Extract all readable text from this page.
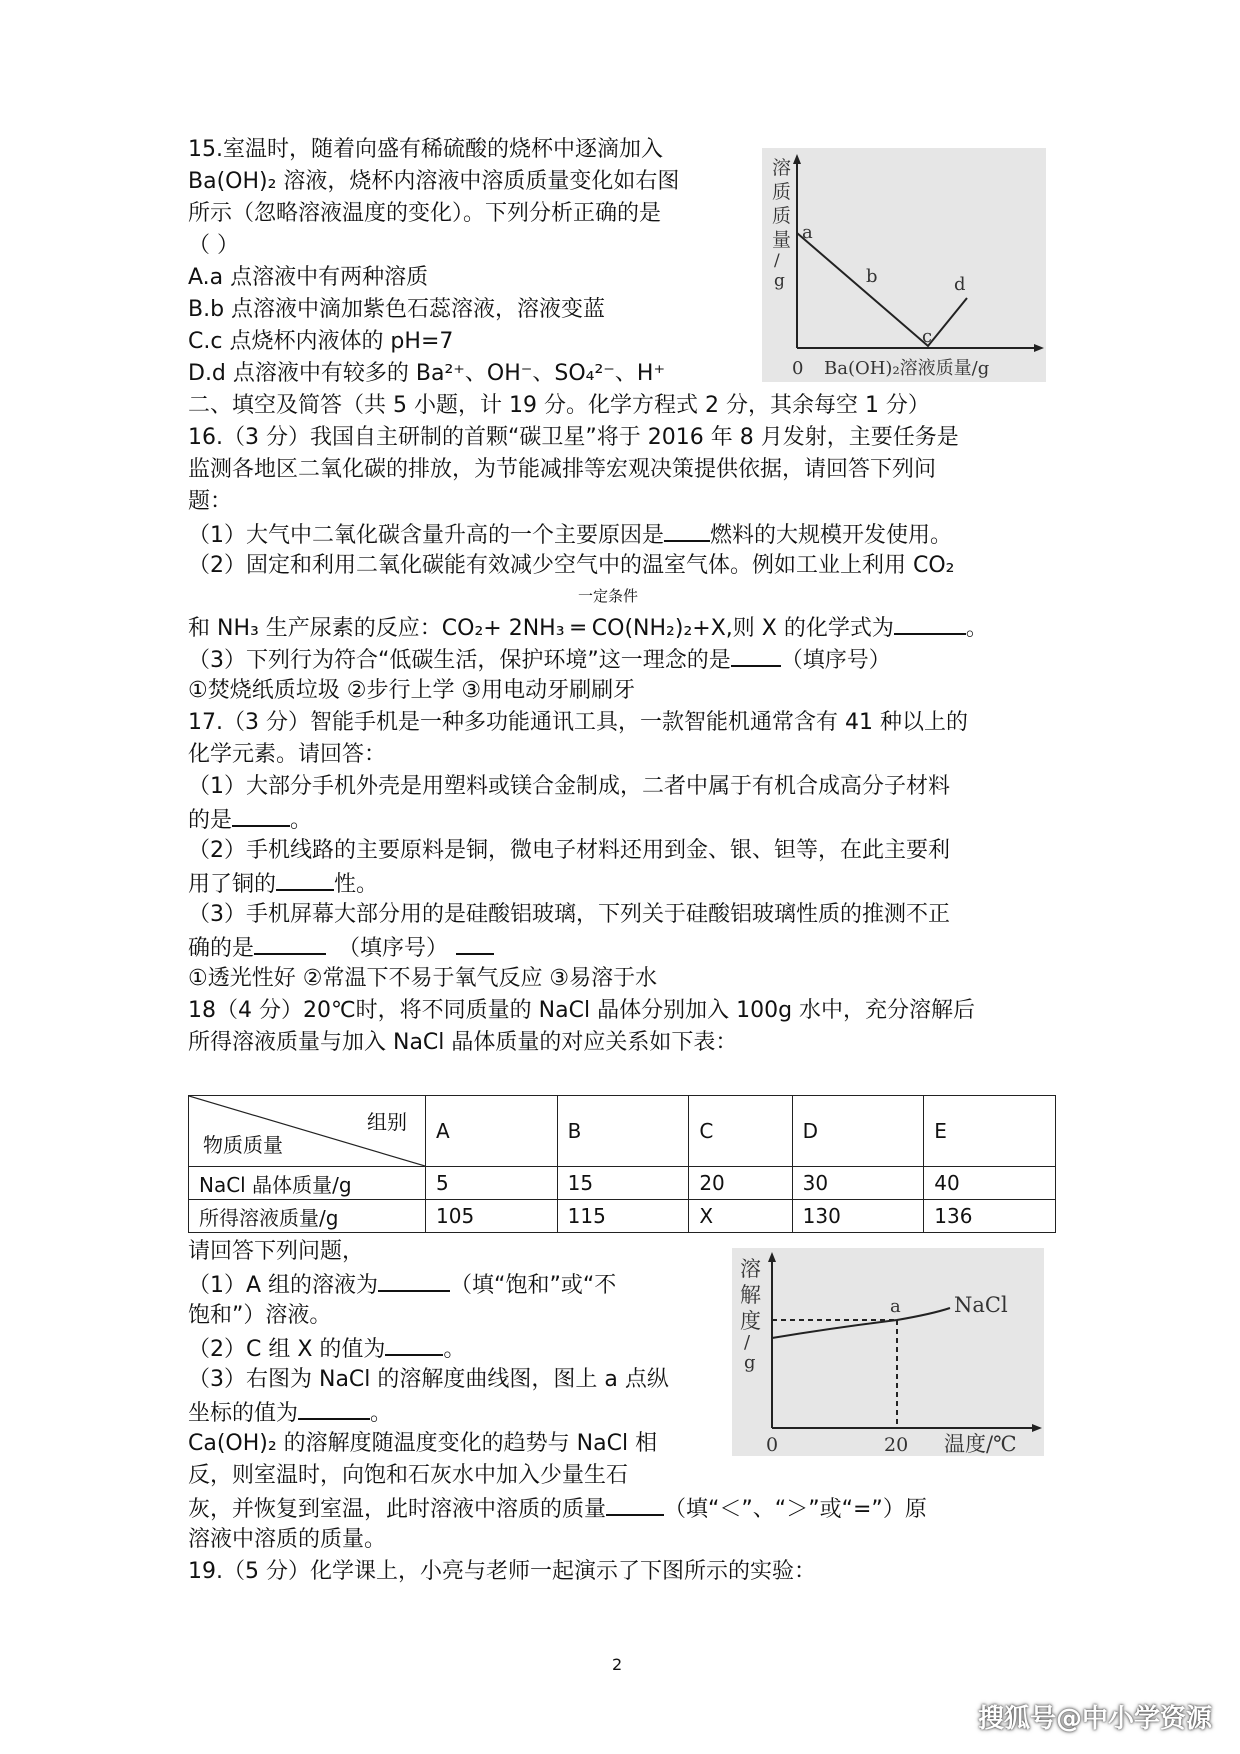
15.室温时，随着向盛有稀硫酸的烧杯中逐滴加入
Ba(OH)₂ 溶液，烧杯内溶液中溶质质量变化如右图
所示（忽略溶液温度的变化）。下列分析正确的是
（ ）
A.a 点溶液中有两种溶质
B.b 点溶液中滴加紫色石蕊溶液，溶液变蓝
C.c 点烧杯内液体的 pH=7
D.d 点溶液中有较多的 Ba²⁺、OH⁻、SO₄²⁻、H⁺
溶
质
质
量
/
g
a
b
c
d
0 Ba(OH)₂溶液质量/g
二、填空及简答（共 5 小题，计 19 分。化学方程式 2 分，其余每空 1 分）
16.（3 分）我国自主研制的首颗“碳卫星”将于 2016 年 8 月发射，主要任务是
监测各地区二氧化碳的排放，为节能减排等宏观决策提供依据，请回答下列问
题：
（1）大气中二氧化碳含量升高的一个主要原因是 燃料的大规模开发使用。
（2）固定和利用二氧化碳能有效减少空气中的温室气体。例如工业上利用 CO₂
一定条件
和 NH₃ 生产尿素的反应：CO₂+ 2NH₃ ═ CO(NH₂)₂+X,则 X 的化学式为	。
（3）下列行为符合“低碳生活，保护环境”这一理念的是 （填序号）
①焚烧纸质垃圾 ②步行上学 ③用电动牙刷刷牙
17.（3 分）智能手机是一种多功能通讯工具，一款智能机通常含有 41 种以上的
化学元素。请回答：
（1）大部分手机外壳是用塑料或镁合金制成，二者中属于有机合成高分子材料
的是	。
（2）手机线路的主要原料是铜，微电子材料还用到金、银、钽等，在此主要利
用了铜的	性。
（3）手机屏幕大部分用的是硅酸铝玻璃，下列关于硅酸铝玻璃性质的推测不正
确的是	（填序号）
①透光性好 ②常温下不易于氧气反应 ③易溶于水
18（4 分）20℃时，将不同质量的 NaCl 晶体分别加入 100g 水中，充分溶解后
所得溶液质量与加入 NaCl 晶体质量的对应关系如下表：
组别
物质质量	A	B	C	D	E
NaCl 晶体质量/g	5	15	20	30	40
所得溶液质量/g	105	115	X	130	136
请回答下列问题，
（1）A 组的溶液为	（填“饱和”或“不
饱和”）溶液。
（2）C 组 X 的值为	。
（3）右图为 NaCl 的溶解度曲线图，图上 a 点纵
坐标的值为	。
Ca(OH)₂ 的溶解度随温度变化的趋势与 NaCl 相
反，则室温时，向饱和石灰水中加入少量生石
灰，并恢复到室温，此时溶液中溶质的质量	（填“＜”、“＞”或“=”）原
溶液中溶质的质量。
溶
解
度
/
g
a	NaCl
0	20 温度/℃
19.（5 分）化学课上，小亮与老师一起演示了下图所示的实验：
2
搜狐号@中小学资源
